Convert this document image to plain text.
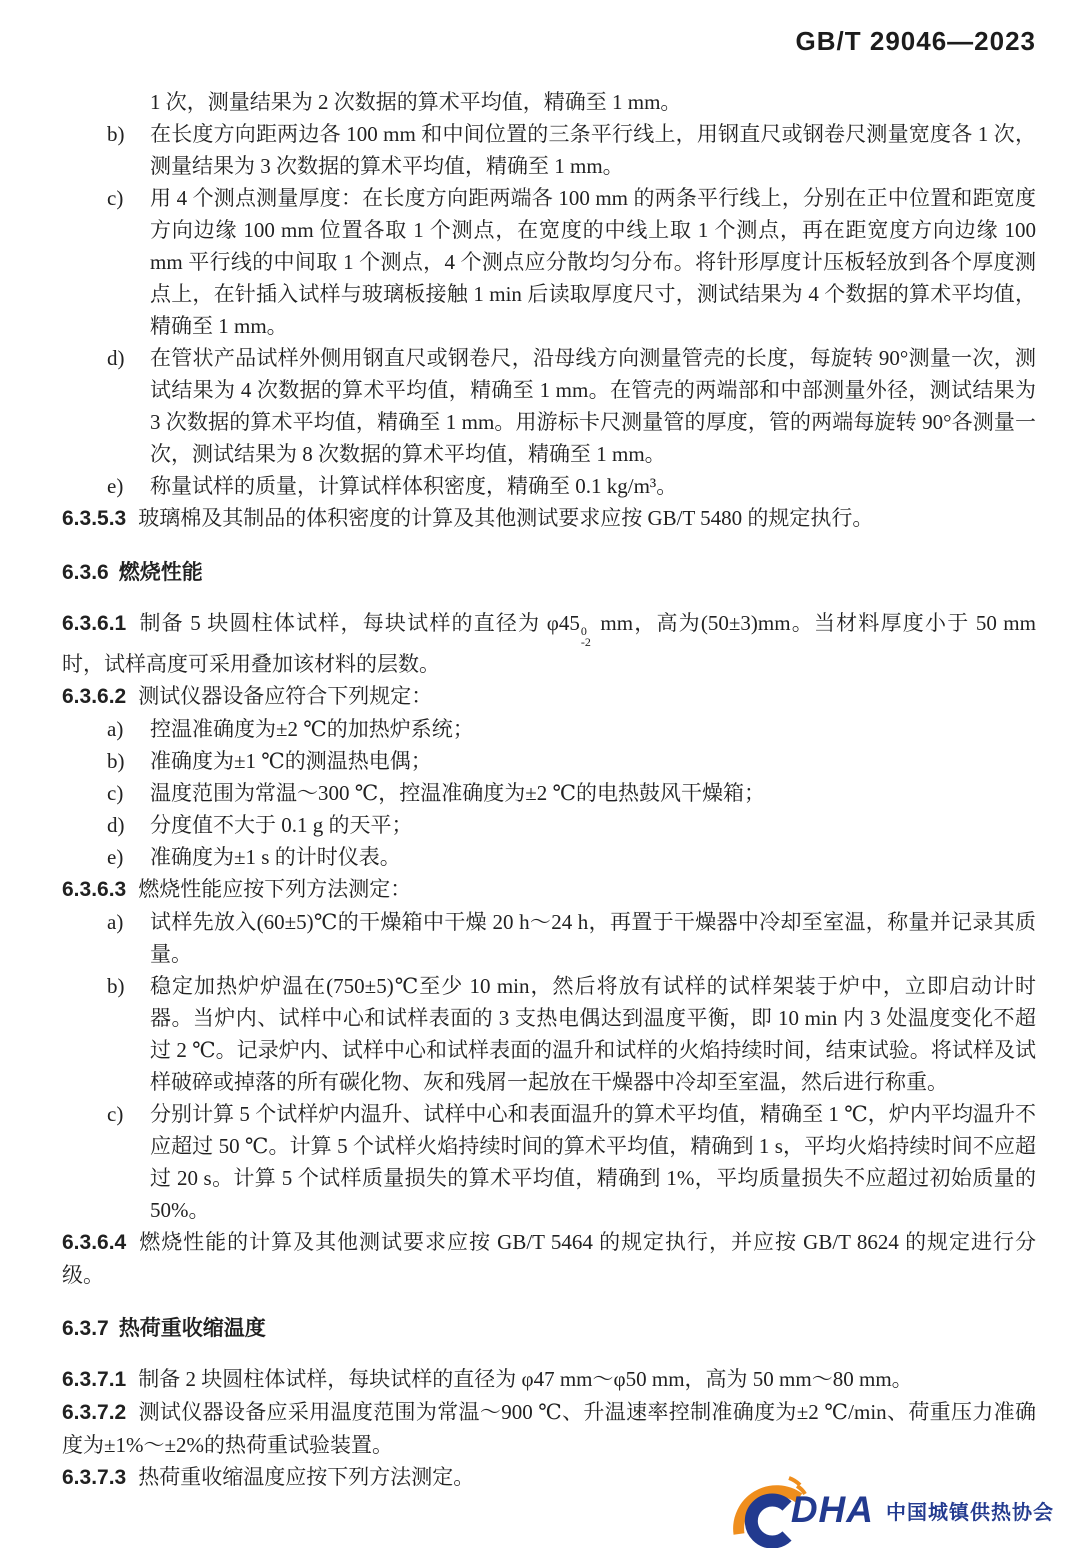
GB/T 29046—2023
1 次，测量结果为 2 次数据的算术平均值，精确至 1 mm。
b)	在长度方向距两边各 100 mm 和中间位置的三条平行线上，用钢直尺或钢卷尺测量宽度各 1 次，测量结果为 3 次数据的算术平均值，精确至 1 mm。
c)	用 4 个测点测量厚度：在长度方向距两端各 100 mm 的两条平行线上，分别在正中位置和距宽度方向边缘 100 mm 位置各取 1 个测点，在宽度的中线上取 1 个测点，再在距宽度方向边缘 100 mm 平行线的中间取 1 个测点，4 个测点应分散均匀分布。将针形厚度计压板轻放到各个厚度测点上，在针插入试样与玻璃板接触 1 min 后读取厚度尺寸，测试结果为 4 个数据的算术平均值，精确至 1 mm。
d)	在管状产品试样外侧用钢直尺或钢卷尺，沿母线方向测量管壳的长度，每旋转 90°测量一次，测试结果为 4 次数据的算术平均值，精确至 1 mm。在管壳的两端部和中部测量外径，测试结果为 3 次数据的算术平均值，精确至 1 mm。用游标卡尺测量管的厚度，管的两端每旋转 90°各测量一次，测试结果为 8 次数据的算术平均值，精确至 1 mm。
e)	称量试样的质量，计算试样体积密度，精确至 0.1 kg/m³。

6.3.5.3 玻璃棉及其制品的体积密度的计算及其他测试要求应按 GB/T 5480 的规定执行。

6.3.6 燃烧性能

6.3.6.1 制备 5 块圆柱体试样，每块试样的直径为 φ45 0
-2
mm，高为(50±3)mm。当材料厚度小于 50 mm 时，试样高度可采用叠加该材料的层数。

6.3.6.2 测试仪器设备应符合下列规定：

a)	控温准确度为±2 ℃的加热炉系统；
b)	准确度为±1 ℃的测温热电偶；
c)	温度范围为常温～300 ℃，控温准确度为±2 ℃的电热鼓风干燥箱；
d)	分度值不大于 0.1 g 的天平；
e)	准确度为±1 s 的计时仪表。

6.3.6.3 燃烧性能应按下列方法测定：

a)	试样先放入(60±5)℃的干燥箱中干燥 20 h～24 h，再置于干燥器中冷却至室温，称量并记录其质量。
b)	稳定加热炉炉温在(750±5)℃至少 10 min，然后将放有试样的试样架装于炉中，立即启动计时器。当炉内、试样中心和试样表面的 3 支热电偶达到温度平衡，即 10 min 内 3 处温度变化不超过 2 ℃。记录炉内、试样中心和试样表面的温升和试样的火焰持续时间，结束试验。将试样及试样破碎或掉落的所有碳化物、灰和残屑一起放在干燥器中冷却至室温，然后进行称重。
c)	分别计算 5 个试样炉内温升、试样中心和表面温升的算术平均值，精确至 1 ℃，炉内平均温升不应超过 50 ℃。计算 5 个试样火焰持续时间的算术平均值，精确到 1 s，平均火焰持续时间不应超过 20 s。计算 5 个试样质量损失的算术平均值，精确到 1%，平均质量损失不应超过初始质量的 50%。

6.3.6.4 燃烧性能的计算及其他测试要求应按 GB/T 5464 的规定执行，并应按 GB/T 8624 的规定进行分级。

6.3.7 热荷重收缩温度

6.3.7.1 制备 2 块圆柱体试样，每块试样的直径为 φ47 mm～φ50 mm，高为 50 mm～80 mm。

6.3.7.2 测试仪器设备应采用温度范围为常温～900 ℃、升温速率控制准确度为±2 ℃/min、荷重压力准确度为±1%～±2%的热荷重试验装置。

6.3.7.3 热荷重收缩温度应按下列方法测定。

DHA 中国城镇供热协会
